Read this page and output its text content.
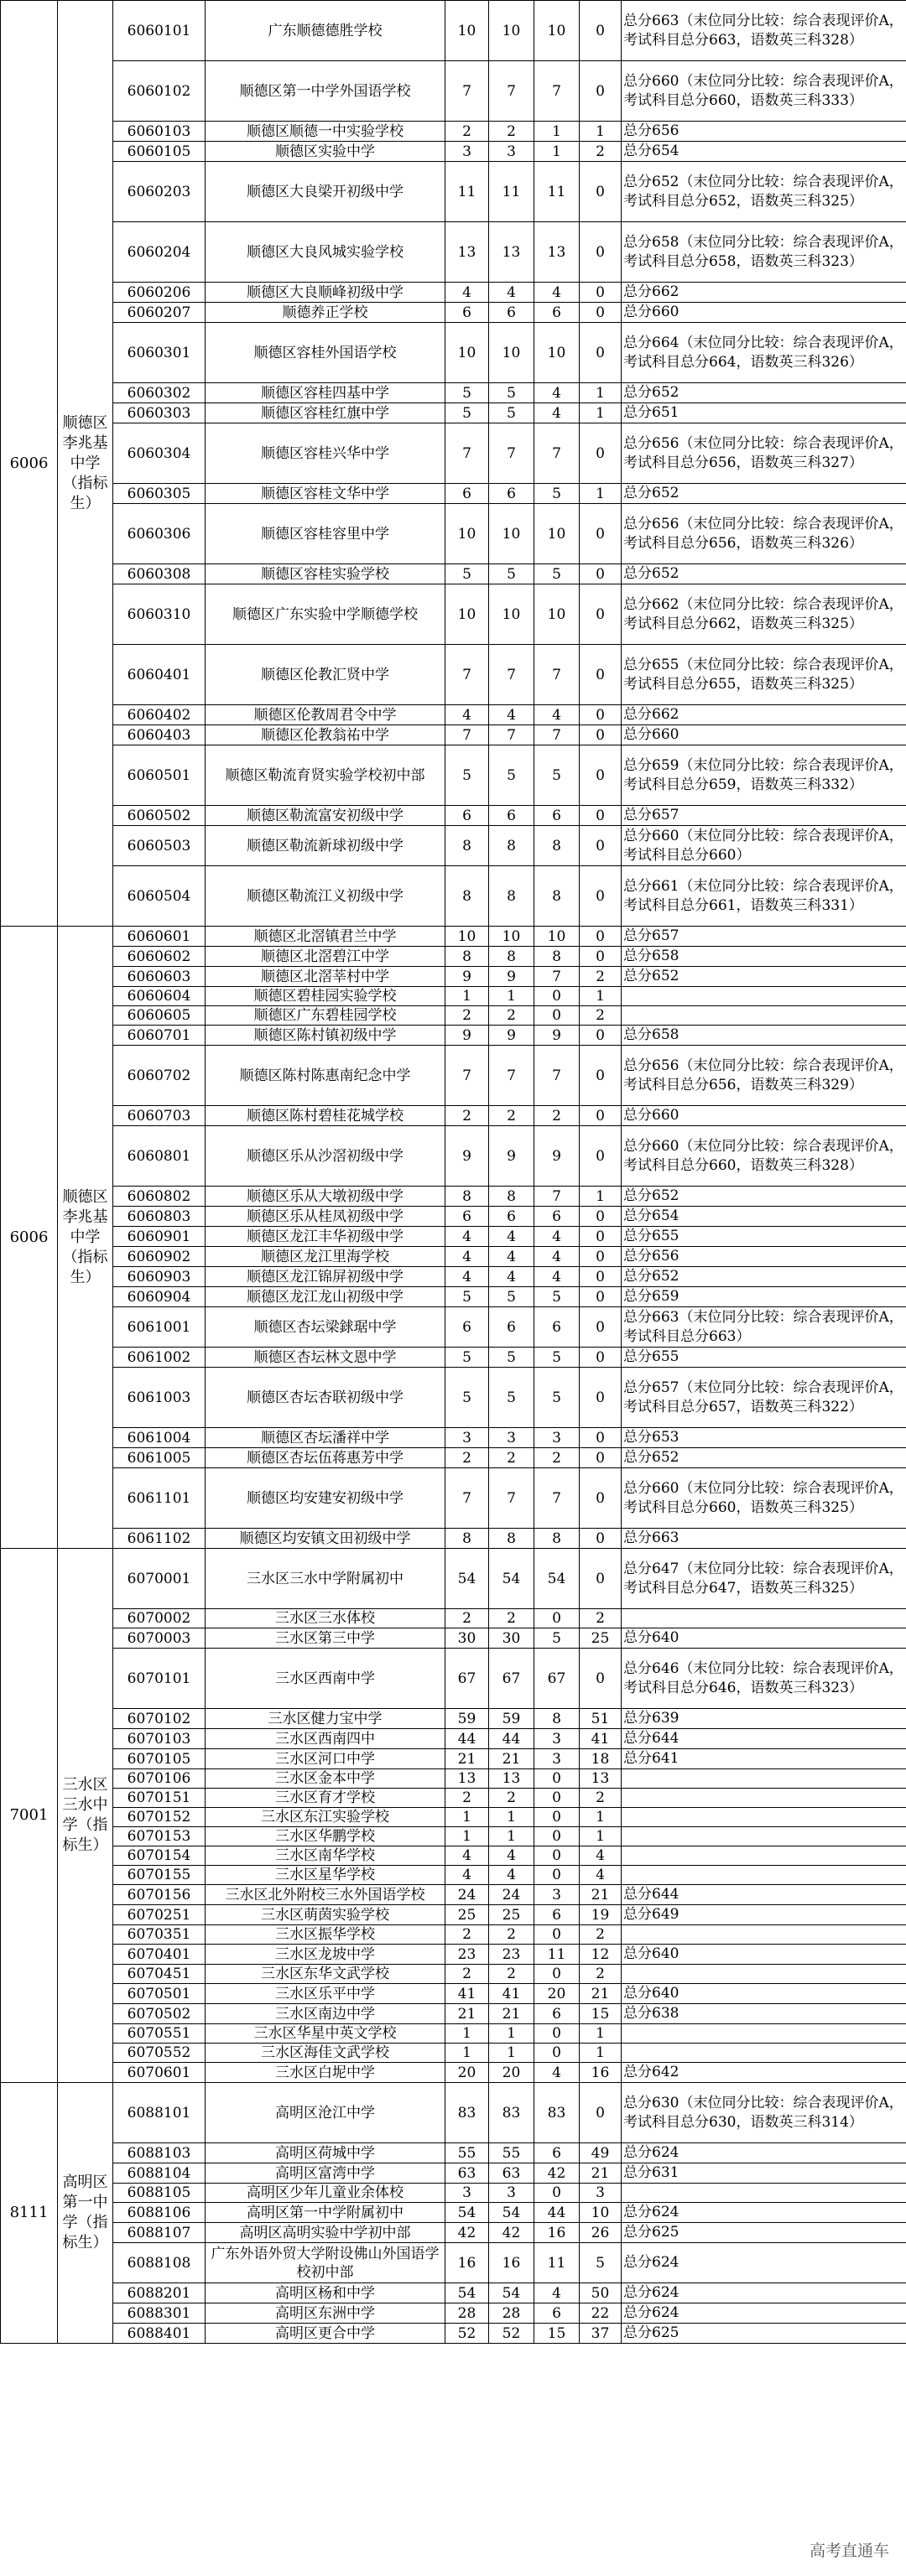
6006	顺德区李兆基中学（指标生）	6060101	广东顺德德胜学校	10	10	10	0	总分663（末位同分比较：综合表现评价A，考试科目总分663，语数英三科328）
		6060102	顺德区第一中学外国语学校	7	7	7	0	总分660（末位同分比较：综合表现评价A，考试科目总分660，语数英三科333）
		6060103	顺德区顺德一中实验学校	2	2	1	1	总分656
		6060105	顺德区实验中学	3	3	1	2	总分654
		6060203	顺德区大良梁开初级中学	11	11	11	0	总分652（末位同分比较：综合表现评价A，考试科目总分652，语数英三科325）
		6060204	顺德区大良风城实验学校	13	13	13	0	总分658（末位同分比较：综合表现评价A，考试科目总分658，语数英三科323）
		6060206	顺德区大良顺峰初级中学	4	4	4	0	总分662
		6060207	顺德养正学校	6	6	6	0	总分660
		6060301	顺德区容桂外国语学校	10	10	10	0	总分664（末位同分比较：综合表现评价A，考试科目总分664，语数英三科326）
		6060302	顺德区容桂四基中学	5	5	4	1	总分652
		6060303	顺德区容桂红旗中学	5	5	4	1	总分651
		6060304	顺德区容桂兴华中学	7	7	7	0	总分656（末位同分比较：综合表现评价A，考试科目总分656，语数英三科327）
		6060305	顺德区容桂文华中学	6	6	5	1	总分652
		6060306	顺德区容桂容里中学	10	10	10	0	总分656（末位同分比较：综合表现评价A，考试科目总分656，语数英三科326）
		6060308	顺德区容桂实验学校	5	5	5	0	总分652
		6060310	顺德区广东实验中学顺德学校	10	10	10	0	总分662（末位同分比较：综合表现评价A，考试科目总分662，语数英三科325）
		6060401	顺德区伦教汇贤中学	7	7	7	0	总分655（末位同分比较：综合表现评价A，考试科目总分655，语数英三科325）
		6060402	顺德区伦教周君令中学	4	4	4	0	总分662
		6060403	顺德区伦教翁祐中学	7	7	7	0	总分660
		6060501	顺德区勒流育贤实验学校初中部	5	5	5	0	总分659（末位同分比较：综合表现评价A，考试科目总分659，语数英三科332）
		6060502	顺德区勒流富安初级中学	6	6	6	0	总分657
		6060503	顺德区勒流新球初级中学	8	8	8	0	总分660（末位同分比较：综合表现评价A，考试科目总分660）
		6060504	顺德区勒流江义初级中学	8	8	8	0	总分661（末位同分比较：综合表现评价A，考试科目总分661，语数英三科331）
6006	顺德区李兆基中学（指标生）	6060601	顺德区北滘镇君兰中学	10	10	10	0	总分657
		6060602	顺德区北滘碧江中学	8	8	8	0	总分658
		6060603	顺德区北滘莘村中学	9	9	7	2	总分652
		6060604	顺德区碧桂园实验学校	1	1	0	1	
		6060605	顺德区广东碧桂园学校	2	2	0	2	
		6060701	顺德区陈村镇初级中学	9	9	9	0	总分658
		6060702	顺德区陈村陈惠南纪念中学	7	7	7	0	总分656（末位同分比较：综合表现评价A，考试科目总分656，语数英三科329）
		6060703	顺德区陈村碧桂花城学校	2	2	2	0	总分660
		6060801	顺德区乐从沙滘初级中学	9	9	9	0	总分660（末位同分比较：综合表现评价A，考试科目总分660，语数英三科328）
		6060802	顺德区乐从大墩初级中学	8	8	7	1	总分652
		6060803	顺德区乐从桂凤初级中学	6	6	6	0	总分654
		6060901	顺德区龙江丰华初级中学	4	4	4	0	总分655
		6060902	顺德区龙江里海学校	4	4	4	0	总分656
		6060903	顺德区龙江锦屏初级中学	4	4	4	0	总分652
		6060904	顺德区龙江龙山初级中学	5	5	5	0	总分659
		6061001	顺德区杏坛梁銶琚中学	6	6	6	0	总分663（末位同分比较：综合表现评价A，考试科目总分663）
		6061002	顺德区杏坛林文恩中学	5	5	5	0	总分655
		6061003	顺德区杏坛杏联初级中学	5	5	5	0	总分657（末位同分比较：综合表现评价A，考试科目总分657，语数英三科322）
		6061004	顺德区杏坛潘祥中学	3	3	3	0	总分653
		6061005	顺德区杏坛伍蒋惠芳中学	2	2	2	0	总分652
		6061101	顺德区均安建安初级中学	7	7	7	0	总分660（末位同分比较：综合表现评价A，考试科目总分660，语数英三科325）
		6061102	顺德区均安镇文田初级中学	8	8	8	0	总分663
7001	三水区三水中学（指标生）	6070001	三水区三水中学附属初中	54	54	54	0	总分647（末位同分比较：综合表现评价A，考试科目总分647，语数英三科325）
		6070002	三水区三水体校	2	2	0	2	
		6070003	三水区第三中学	30	30	5	25	总分640
		6070101	三水区西南中学	67	67	67	0	总分646（末位同分比较：综合表现评价A，考试科目总分646，语数英三科323）
		6070102	三水区健力宝中学	59	59	8	51	总分639
		6070103	三水区西南四中	44	44	3	41	总分644
		6070105	三水区河口中学	21	21	3	18	总分641
		6070106	三水区金本中学	13	13	0	13	
		6070151	三水区育才学校	2	2	0	2	
		6070152	三水区东江实验学校	1	1	0	1	
		6070153	三水区华鹏学校	1	1	0	1	
		6070154	三水区南华学校	4	4	0	4	
		6070155	三水区星华学校	4	4	0	4	
		6070156	三水区北外附校三水外国语学校	24	24	3	21	总分644
		6070251	三水区萌茵实验学校	25	25	6	19	总分649
		6070351	三水区振华学校	2	2	0	2	
		6070401	三水区龙坡中学	23	23	11	12	总分640
		6070451	三水区东华文武学校	2	2	0	2	
		6070501	三水区乐平中学	41	41	20	21	总分640
		6070502	三水区南边中学	21	21	6	15	总分638
		6070551	三水区华星中英文学校	1	1	0	1	
		6070552	三水区海佳文武学校	1	1	0	1	
		6070601	三水区白坭中学	20	20	4	16	总分642
8111	高明区第一中学（指标生）	6088101	高明区沧江中学	83	83	83	0	总分630（末位同分比较：综合表现评价A，考试科目总分630，语数英三科314）
		6088103	高明区荷城中学	55	55	6	49	总分624
		6088104	高明区富湾中学	63	63	42	21	总分631
		6088105	高明区少年儿童业余体校	3	3	0	3	
		6088106	高明区第一中学附属初中	54	54	44	10	总分624
		6088107	高明区高明实验中学初中部	42	42	16	26	总分625
		6088108	广东外语外贸大学附设佛山外国语学校初中部	16	16	11	5	总分624
		6088201	高明区杨和中学	54	54	4	50	总分624
		6088301	高明区东洲中学	28	28	6	22	总分624
		6088401	高明区更合中学	52	52	15	37	总分625
高考直通车
